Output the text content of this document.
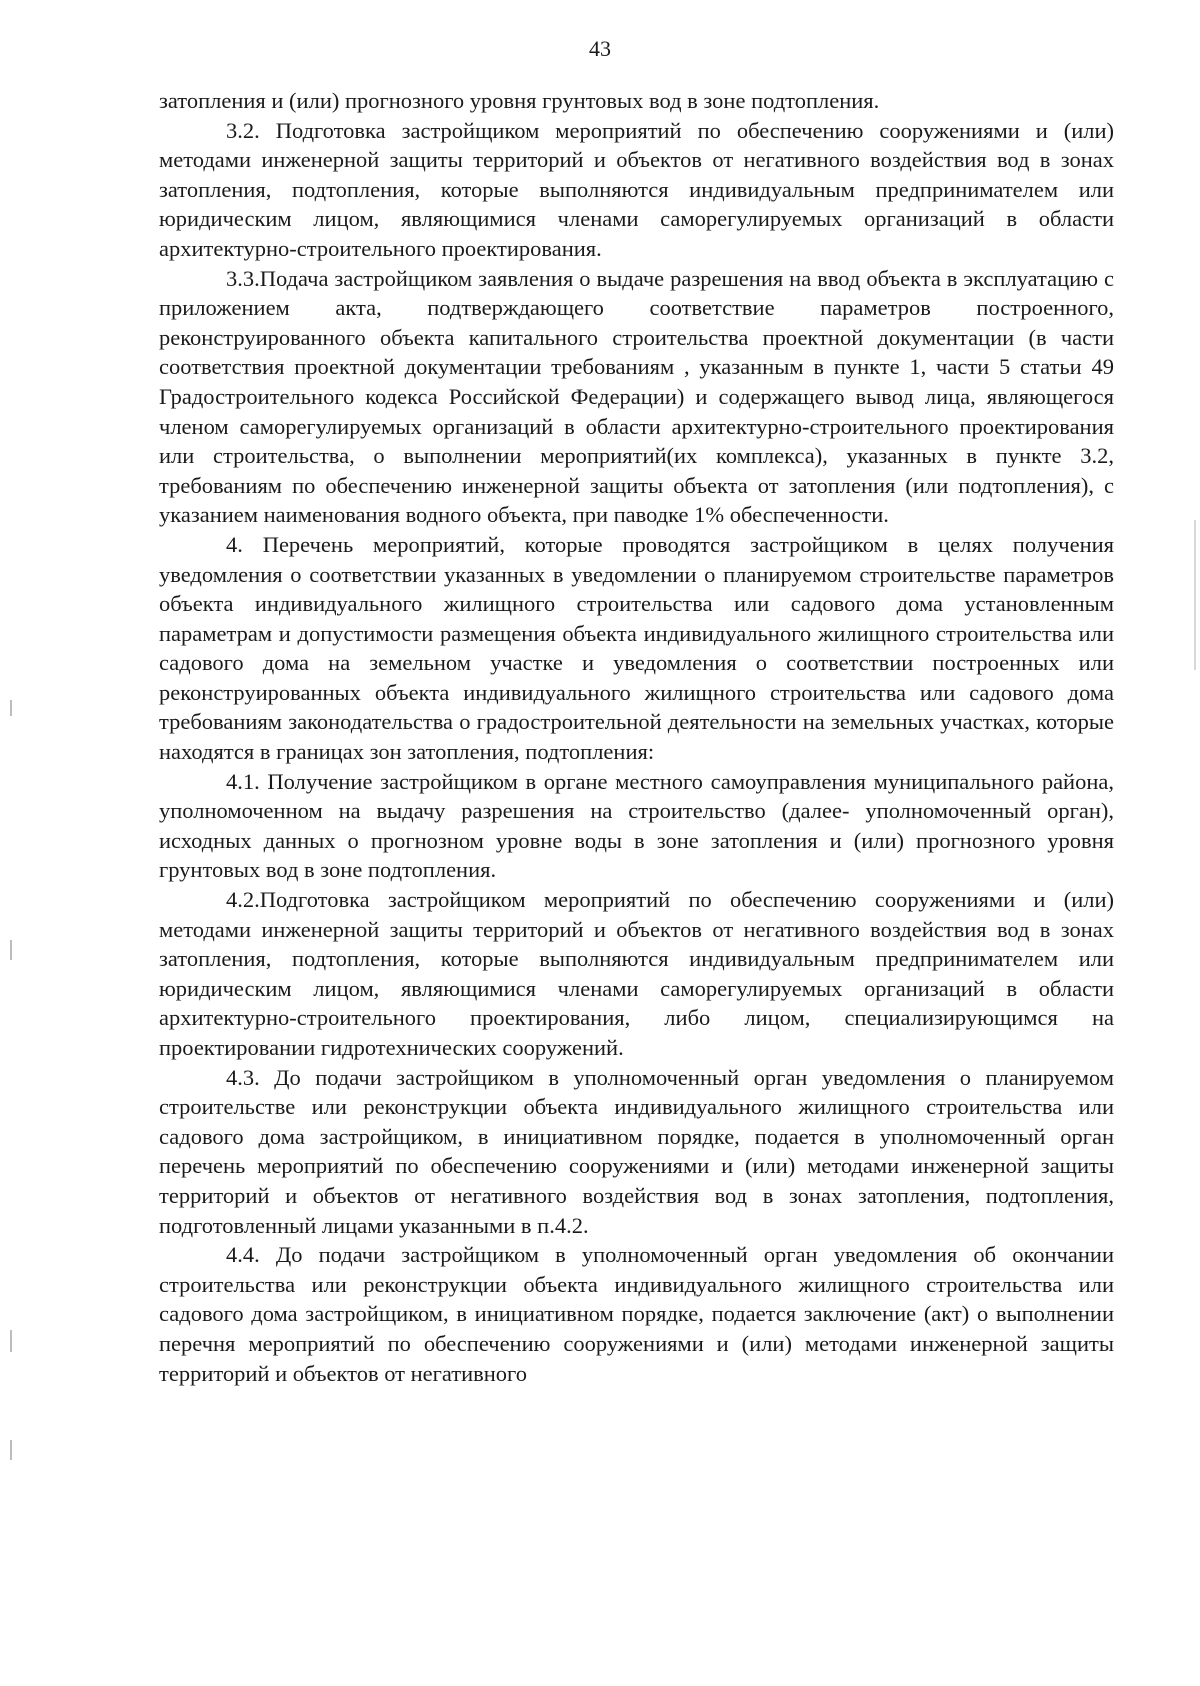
43

затопления и (или) прогнозного уровня грунтовых вод в зоне подтопления.

3.2. Подготовка застройщиком мероприятий по обеспечению сооружениями и (или) методами инженерной защиты территорий и объектов от негативного воздействия вод в зонах затопления, подтопления, которые выполняются индивидуальным предпринимателем или юридическим лицом, являющимися членами саморегулируемых организаций в области архитектурно-строительного проектирования.

3.3.Подача застройщиком заявления о выдаче разрешения на ввод объекта в эксплуатацию с приложением акта, подтверждающего соответствие параметров построенного, реконструированного объекта капитального строительства проектной документации (в части соответствия проектной документации требованиям , указанным в пункте 1, части 5 статьи 49 Градостроительного кодекса Российской Федерации) и содержащего вывод лица, являющегося членом саморегулируемых организаций в области архитектурно-строительного проектирования или строительства, о выполнении мероприятий(их комплекса), указанных в пункте 3.2, требованиям по обеспечению инженерной защиты объекта от затопления (или подтопления), с указанием наименования водного объекта, при паводке 1% обеспеченности.

4. Перечень мероприятий, которые проводятся застройщиком в целях получения уведомления о соответствии указанных в уведомлении о планируемом строительстве параметров объекта индивидуального жилищного строительства или садового дома установленным параметрам и допустимости размещения объекта индивидуального жилищного строительства или садового дома на земельном участке и уведомления о соответствии построенных или реконструированных объекта индивидуального жилищного строительства или садового дома требованиям законодательства о градостроительной деятельности на земельных участках, которые находятся в границах зон затопления, подтопления:

4.1. Получение застройщиком в органе местного самоуправления муниципального района, уполномоченном на выдачу разрешения на строительство (далее- уполномоченный орган), исходных данных о прогнозном уровне воды в зоне затопления и (или) прогнозного уровня грунтовых вод в зоне подтопления.

4.2.Подготовка застройщиком мероприятий по обеспечению сооружениями и (или) методами инженерной защиты территорий и объектов от негативного воздействия вод в зонах затопления, подтопления, которые выполняются индивидуальным предпринимателем или юридическим лицом, являющимися членами саморегулируемых организаций в области архитектурно-строительного проектирования, либо лицом, специализирующимся на проектировании гидротехнических сооружений.

4.3. До подачи застройщиком в уполномоченный орган уведомления о планируемом строительстве или реконструкции объекта индивидуального жилищного строительства или садового дома застройщиком, в инициативном порядке, подается в уполномоченный орган перечень мероприятий по обеспечению сооружениями и (или) методами инженерной защиты территорий и объектов от негативного воздействия вод в зонах затопления, подтопления, подготовленный лицами указанными в п.4.2.

4.4. До подачи застройщиком в уполномоченный орган уведомления об окончании строительства или реконструкции объекта индивидуального жилищного строительства или садового дома застройщиком, в инициативном порядке, подается заключение (акт) о выполнении перечня мероприятий по обеспечению сооружениями и (или) методами инженерной защиты территорий и объектов от негативного
